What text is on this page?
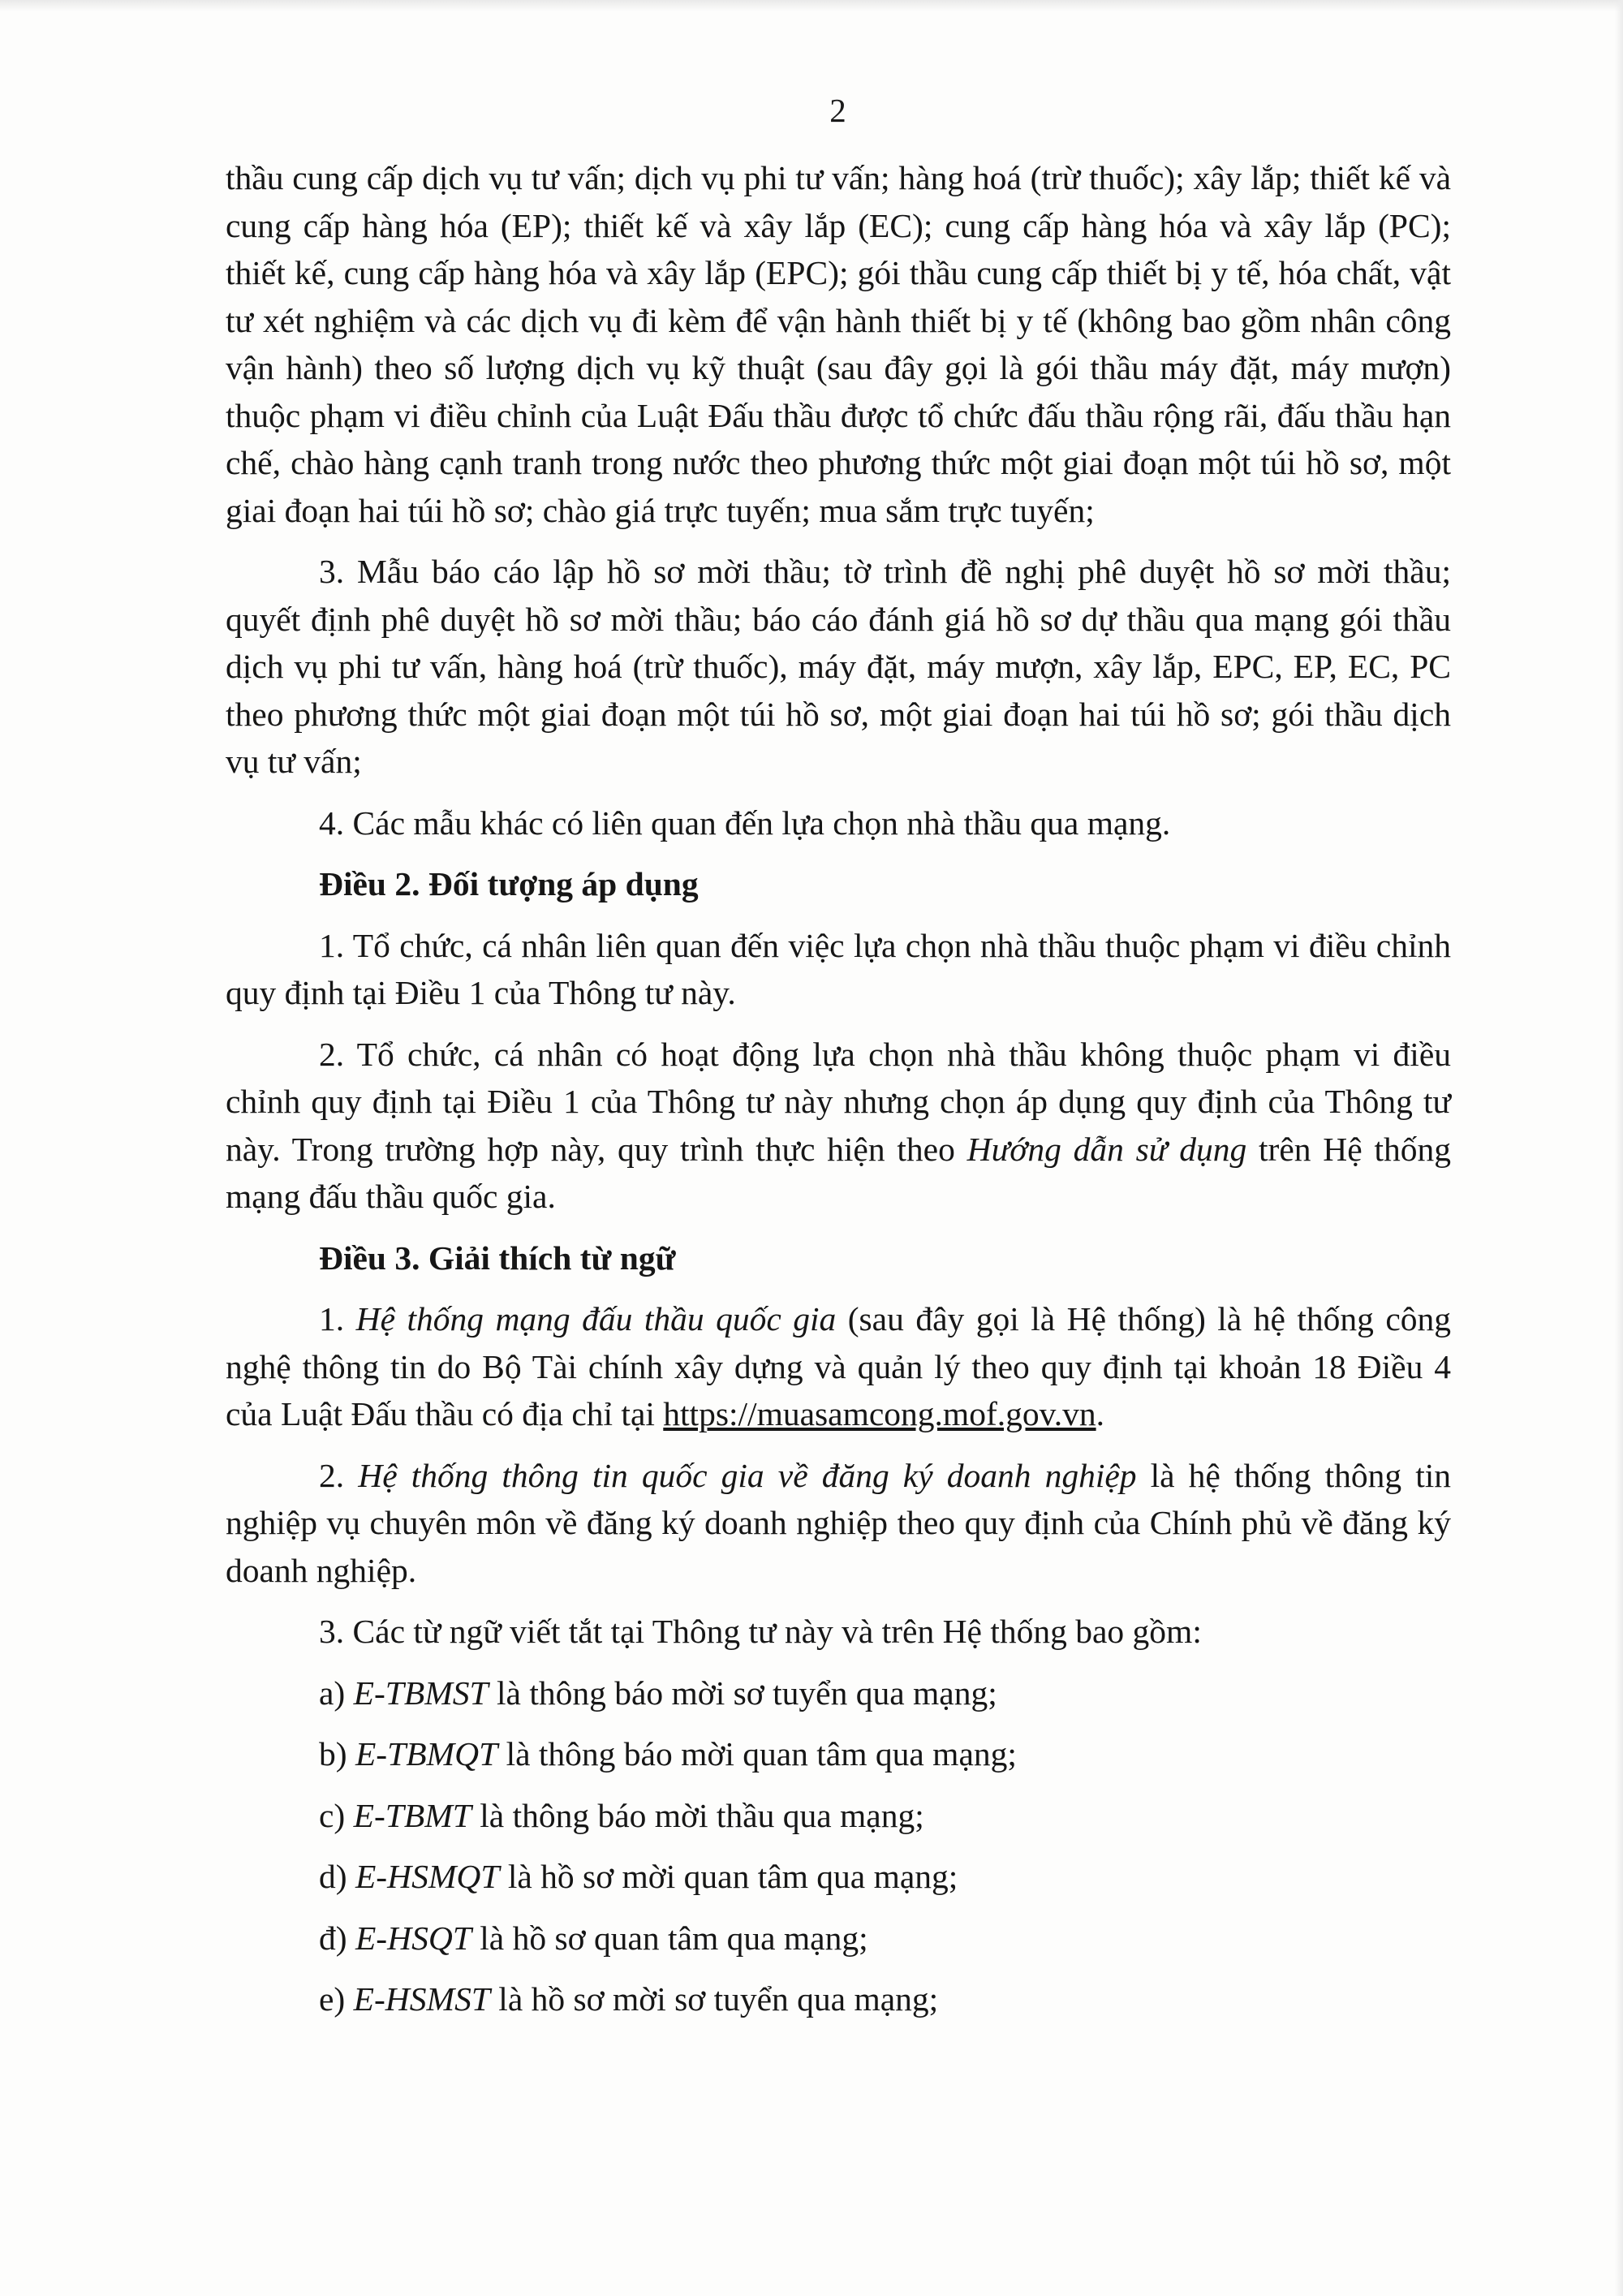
2

thầu cung cấp dịch vụ tư vấn; dịch vụ phi tư vấn; hàng hoá (trừ thuốc); xây lắp; thiết kế và cung cấp hàng hóa (EP); thiết kế và xây lắp (EC); cung cấp hàng hóa và xây lắp (PC); thiết kế, cung cấp hàng hóa và xây lắp (EPC); gói thầu cung cấp thiết bị y tế, hóa chất, vật tư xét nghiệm và các dịch vụ đi kèm để vận hành thiết bị y tế (không bao gồm nhân công vận hành) theo số lượng dịch vụ kỹ thuật (sau đây gọi là gói thầu máy đặt, máy mượn) thuộc phạm vi điều chỉnh của Luật Đấu thầu được tổ chức đấu thầu rộng rãi, đấu thầu hạn chế, chào hàng cạnh tranh trong nước theo phương thức một giai đoạn một túi hồ sơ, một giai đoạn hai túi hồ sơ; chào giá trực tuyến; mua sắm trực tuyến;

3. Mẫu báo cáo lập hồ sơ mời thầu; tờ trình đề nghị phê duyệt hồ sơ mời thầu; quyết định phê duyệt hồ sơ mời thầu; báo cáo đánh giá hồ sơ dự thầu qua mạng gói thầu dịch vụ phi tư vấn, hàng hoá (trừ thuốc), máy đặt, máy mượn, xây lắp, EPC, EP, EC, PC theo phương thức một giai đoạn một túi hồ sơ, một giai đoạn hai túi hồ sơ; gói thầu dịch vụ tư vấn;

4. Các mẫu khác có liên quan đến lựa chọn nhà thầu qua mạng.

Điều 2. Đối tượng áp dụng

1. Tổ chức, cá nhân liên quan đến việc lựa chọn nhà thầu thuộc phạm vi điều chỉnh quy định tại Điều 1 của Thông tư này.

2. Tổ chức, cá nhân có hoạt động lựa chọn nhà thầu không thuộc phạm vi điều chỉnh quy định tại Điều 1 của Thông tư này nhưng chọn áp dụng quy định của Thông tư này. Trong trường hợp này, quy trình thực hiện theo Hướng dẫn sử dụng trên Hệ thống mạng đấu thầu quốc gia.

Điều 3. Giải thích từ ngữ

1. Hệ thống mạng đấu thầu quốc gia (sau đây gọi là Hệ thống) là hệ thống công nghệ thông tin do Bộ Tài chính xây dựng và quản lý theo quy định tại khoản 18 Điều 4 của Luật Đấu thầu có địa chỉ tại https://muasamcong.mof.gov.vn.

2. Hệ thống thông tin quốc gia về đăng ký doanh nghiệp là hệ thống thông tin nghiệp vụ chuyên môn về đăng ký doanh nghiệp theo quy định của Chính phủ về đăng ký doanh nghiệp.

3. Các từ ngữ viết tắt tại Thông tư này và trên Hệ thống bao gồm:

a) E-TBMST là thông báo mời sơ tuyển qua mạng;

b) E-TBMQT là thông báo mời quan tâm qua mạng;

c) E-TBMT là thông báo mời thầu qua mạng;

d) E-HSMQT là hồ sơ mời quan tâm qua mạng;

đ) E-HSQT là hồ sơ quan tâm qua mạng;

e) E-HSMST là hồ sơ mời sơ tuyển qua mạng;
